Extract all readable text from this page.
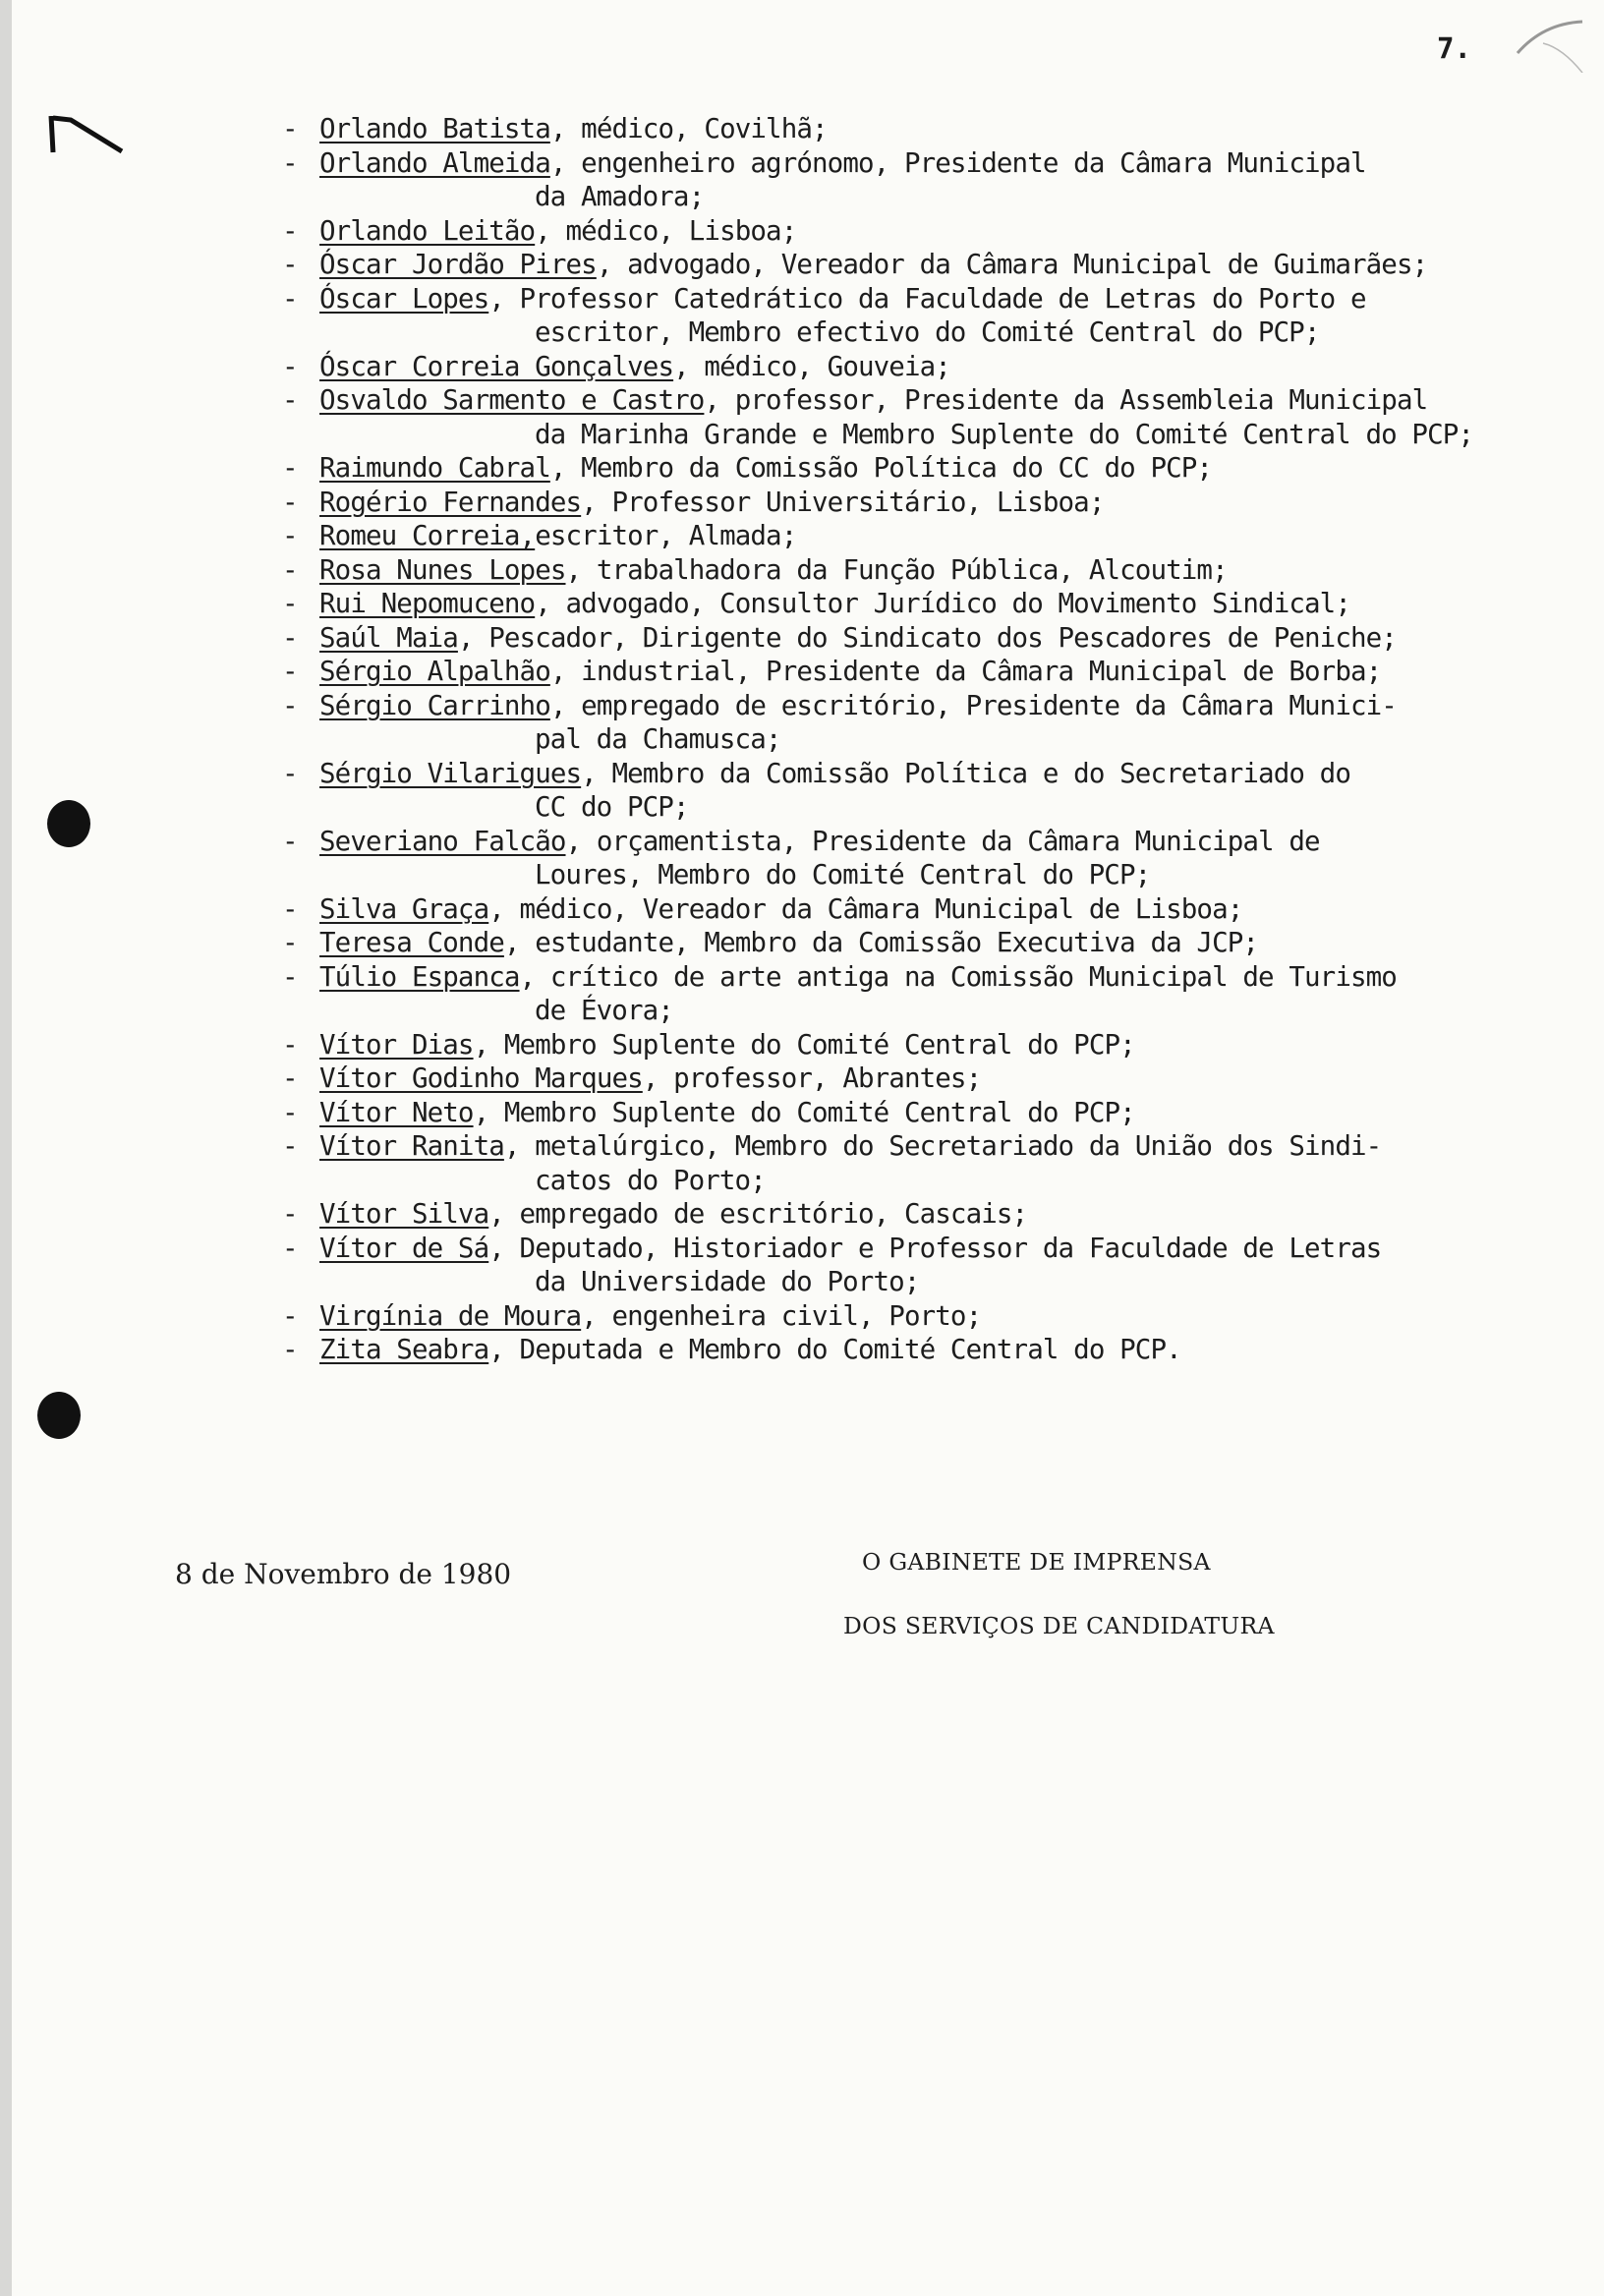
7.
- Orlando Batista, médico, Covilhã;
- Orlando Almeida, engenheiro agrónomo, Presidente da Câmara Municipal
da Amadora;
- Orlando Leitão, médico, Lisboa;
- Óscar Jordão Pires, advogado, Vereador da Câmara Municipal de Guimarães;
- Óscar Lopes, Professor Catedrático da Faculdade de Letras do Porto e
escritor, Membro efectivo do Comité Central do PCP;
- Óscar Correia Gonçalves, médico, Gouveia;
- Osvaldo Sarmento e Castro, professor, Presidente da Assembleia Municipal
da Marinha Grande e Membro Suplente do Comité Central do PCP;
- Raimundo Cabral, Membro da Comissão Política do CC do PCP;
- Rogério Fernandes, Professor Universitário, Lisboa;
- Romeu Correia,escritor, Almada;
- Rosa Nunes Lopes, trabalhadora da Função Pública, Alcoutim;
- Rui Nepomuceno, advogado, Consultor Jurídico do Movimento Sindical;
- Saúl Maia, Pescador, Dirigente do Sindicato dos Pescadores de Peniche;
- Sérgio Alpalhão, industrial, Presidente da Câmara Municipal de Borba;
- Sérgio Carrinho, empregado de escritório, Presidente da Câmara Munici-
pal da Chamusca;
- Sérgio Vilarigues, Membro da Comissão Política e do Secretariado do
CC do PCP;
- Severiano Falcão, orçamentista, Presidente da Câmara Municipal de
Loures, Membro do Comité Central do PCP;
- Silva Graça, médico, Vereador da Câmara Municipal de Lisboa;
- Teresa Conde, estudante, Membro da Comissão Executiva da JCP;
- Túlio Espanca, crítico de arte antiga na Comissão Municipal de Turismo
de Évora;
- Vítor Dias, Membro Suplente do Comité Central do PCP;
- Vítor Godinho Marques, professor, Abrantes;
- Vítor Neto, Membro Suplente do Comité Central do PCP;
- Vítor Ranita, metalúrgico, Membro do Secretariado da União dos Sindi-
catos do Porto;
- Vítor Silva, empregado de escritório, Cascais;
- Vítor de Sá, Deputado, Historiador e Professor da Faculdade de Letras
da Universidade do Porto;
- Virgínia de Moura, engenheira civil, Porto;
- Zita Seabra, Deputada e Membro do Comité Central do PCP.
8 de Novembro de 1980	O GABINETE DE IMPRENSA
DOS SERVIÇOS DE CANDIDATURA
